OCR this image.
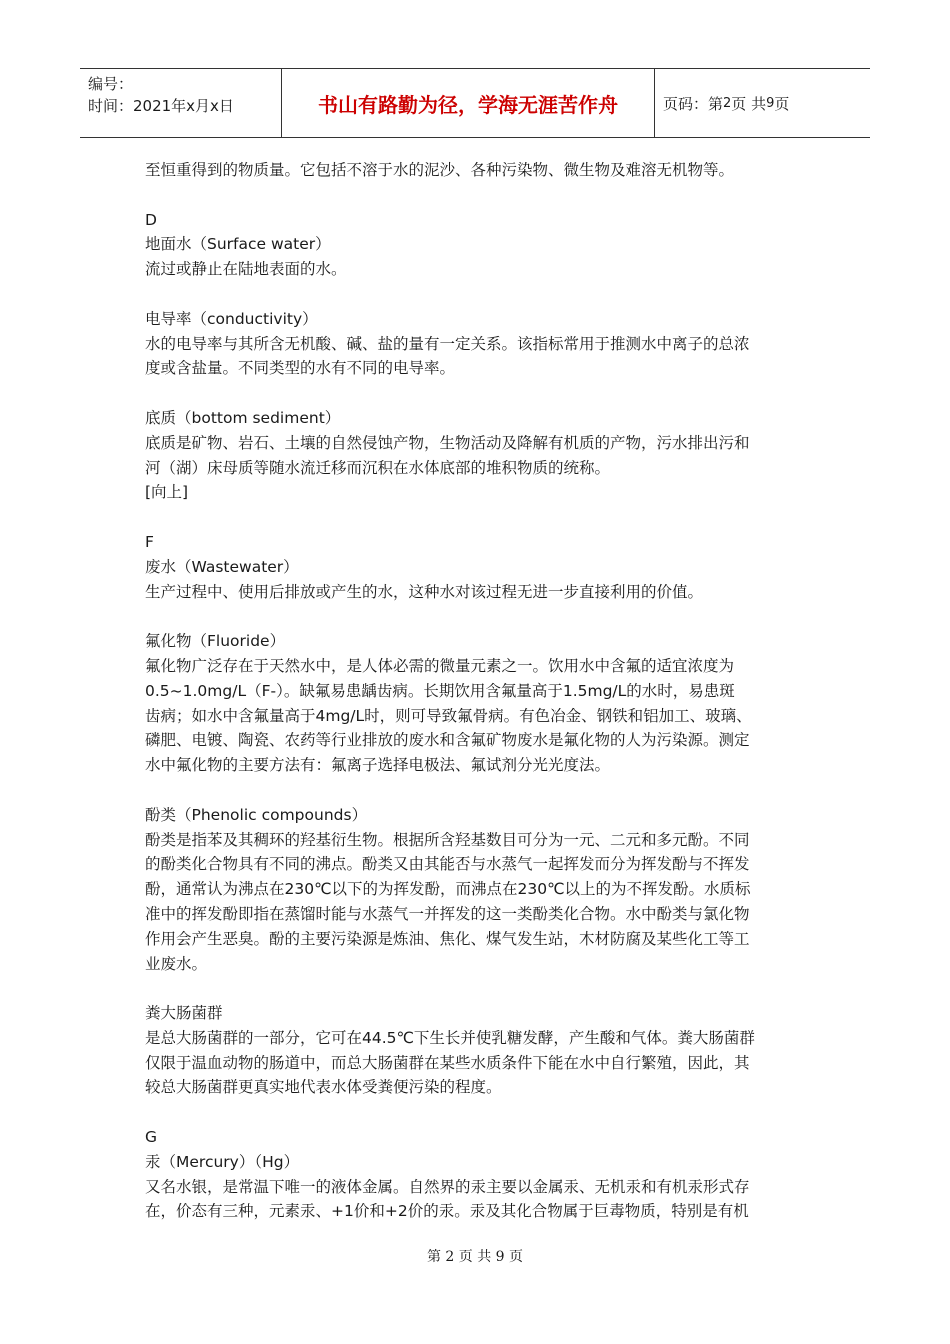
编号：
时间：2021年x月x日	书山有路勤为径，学海无涯苦作舟	页码：第 2 页 共 9 页

至恒重得到的物质量。它包括不溶于水的泥沙、各种污染物、微生物及难溶无机物等。

D

地面水（Surface water）

流过或静止在陆地表面的水。

电导率（conductivity）

水的电导率与其所含无机酸、碱、盐的量有一定关系。该指标常用于推测水中离子的总浓

度或含盐量。不同类型的水有不同的电导率。

底质（bottom sediment）

底质是矿物、岩石、土壤的自然侵蚀产物，生物活动及降解有机质的产物，污水排出污和

河（湖）床母质等随水流迁移而沉积在水体底部的堆积物质的统称。

[向上]

F

废水（Wastewater）

生产过程中、使用后排放或产生的水，这种水对该过程无进一步直接利用的价值。

氟化物（Fluoride）

氟化物广泛存在于天然水中，是人体必需的微量元素之一。饮用水中含氟的适宜浓度为

0.5~1.0mg/L（F-）。缺氟易患龋齿病。长期饮用含氟量高于1.5mg/L的水时，易患斑

齿病；如水中含氟量高于4mg/L时，则可导致氟骨病。有色冶金、钢铁和铝加工、玻璃、

磷肥、电镀、陶瓷、农药等行业排放的废水和含氟矿物废水是氟化物的人为污染源。测定

水中氟化物的主要方法有：氟离子选择电极法、氟试剂分光光度法。

酚类（Phenolic compounds）

酚类是指苯及其稠环的羟基衍生物。根据所含羟基数目可分为一元、二元和多元酚。不同

的酚类化合物具有不同的沸点。酚类又由其能否与水蒸气一起挥发而分为挥发酚与不挥发

酚，通常认为沸点在230℃以下的为挥发酚，而沸点在230℃以上的为不挥发酚。水质标

准中的挥发酚即指在蒸馏时能与水蒸气一并挥发的这一类酚类化合物。水中酚类与氯化物

作用会产生恶臭。酚的主要污染源是炼油、焦化、煤气发生站，木材防腐及某些化工等工

业废水。

粪大肠菌群

是总大肠菌群的一部分，它可在44.5℃下生长并使乳糖发酵，产生酸和气体。粪大肠菌群

仅限于温血动物的肠道中，而总大肠菌群在某些水质条件下能在水中自行繁殖，因此，其

较总大肠菌群更真实地代表水体受粪便污染的程度。

G

汞（Mercury）（Hg）

又名水银，是常温下唯一的液体金属。自然界的汞主要以金属汞、无机汞和有机汞形式存

在，价态有三种，元素汞、+1价和+2价的汞。汞及其化合物属于巨毒物质，特别是有机

第 2 页 共 9 页
